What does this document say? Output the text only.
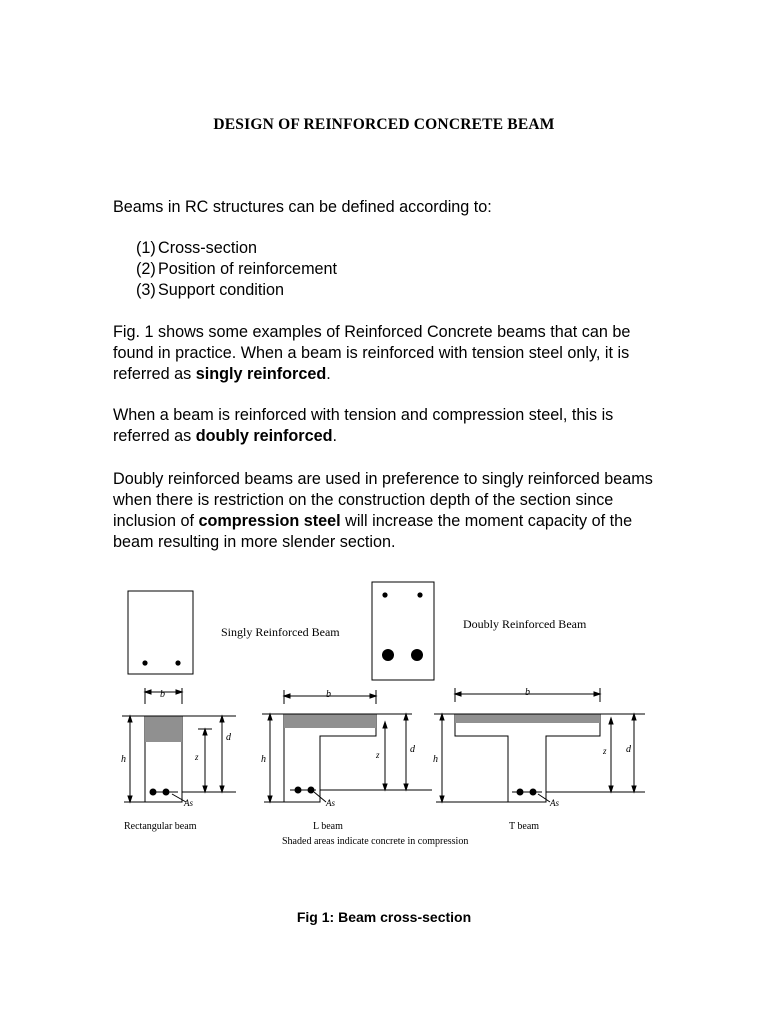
DESIGN OF REINFORCED CONCRETE BEAM
Beams in RC structures can be defined according to:
(1) Cross-section
(2) Position of reinforcement
(3) Support condition

Fig. 1 shows some examples of Reinforced Concrete beams that can be found in practice. When a beam is reinforced with tension steel only, it is referred as singly reinforced.

When a beam is reinforced with tension and compression steel, this is referred as doubly reinforced.

Doubly reinforced beams are used in preference to singly reinforced beams when there is restriction on the construction depth of the section since inclusion of compression steel will increase the moment capacity of the beam resulting in more slender section.

Singly Reinforced Beam
Doubly Reinforced Beam
b
h
d
z
As
Rectangular beam
b
h
d
z
As
L beam
b
h
d
z
As
T beam
Shaded areas indicate concrete in compression
Fig 1: Beam cross-section
